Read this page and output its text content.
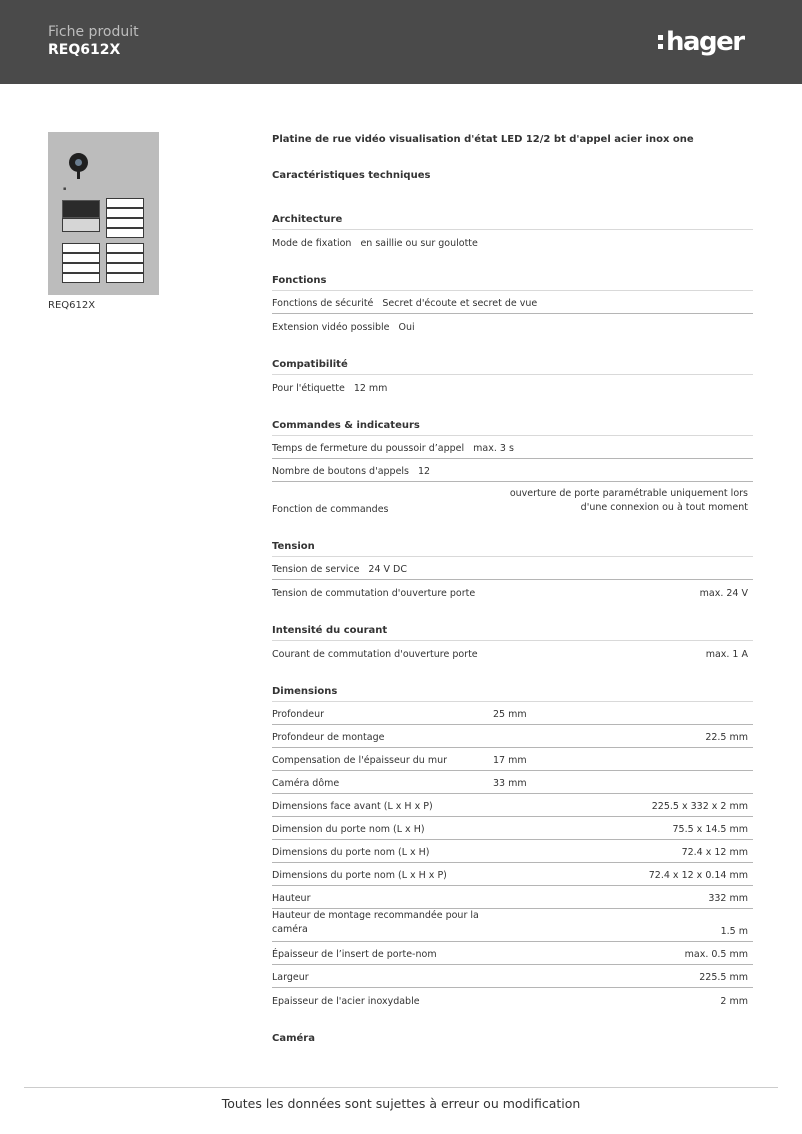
Fiche produit
REQ612X	hager
▪
REQ612X
Platine de rue vidéo visualisation d'état LED 12/2 bt d'appel acier inox one
Caractéristiques techniques
Architecture
Mode de fixation en saillie ou sur goulotte
Fonctions
Fonctions de sécurité Secret d'écoute et secret de vue
Extension vidéo possible Oui
Compatibilité
Pour l'étiquette 12 mm
Commandes & indicateurs
Temps de fermeture du poussoir d’appel max. 3 s
Nombre de boutons d'appels 12
Fonction de commandes
ouverture de porte paramétrable uniquement lors
d'une connexion ou à tout moment
Tension
Tension de service 24 V DC
Tension de commutation d'ouverture porte	max. 24 V
Intensité du courant
Courant de commutation d'ouverture porte	max. 1 A
Dimensions
Profondeur	25 mm
Profondeur de montage	22.5 mm
Compensation de l'épaisseur du mur	17 mm
Caméra dôme	33 mm
Dimensions face avant (L x H x P)	225.5 x 332 x 2 mm
Dimension du porte nom (L x H)	75.5 x 14.5 mm
Dimensions du porte nom (L x H)	72.4 x 12 mm
Dimensions du porte nom (L x H x P)	72.4 x 12 x 0.14 mm
Hauteur	332 mm
Hauteur de montage recommandée pour la caméra	1.5 m
Épaisseur de l’insert de porte-nom	max. 0.5 mm
Largeur	225.5 mm
Epaisseur de l'acier inoxydable	2 mm
Caméra
Toutes les données sont sujettes à erreur ou modification
